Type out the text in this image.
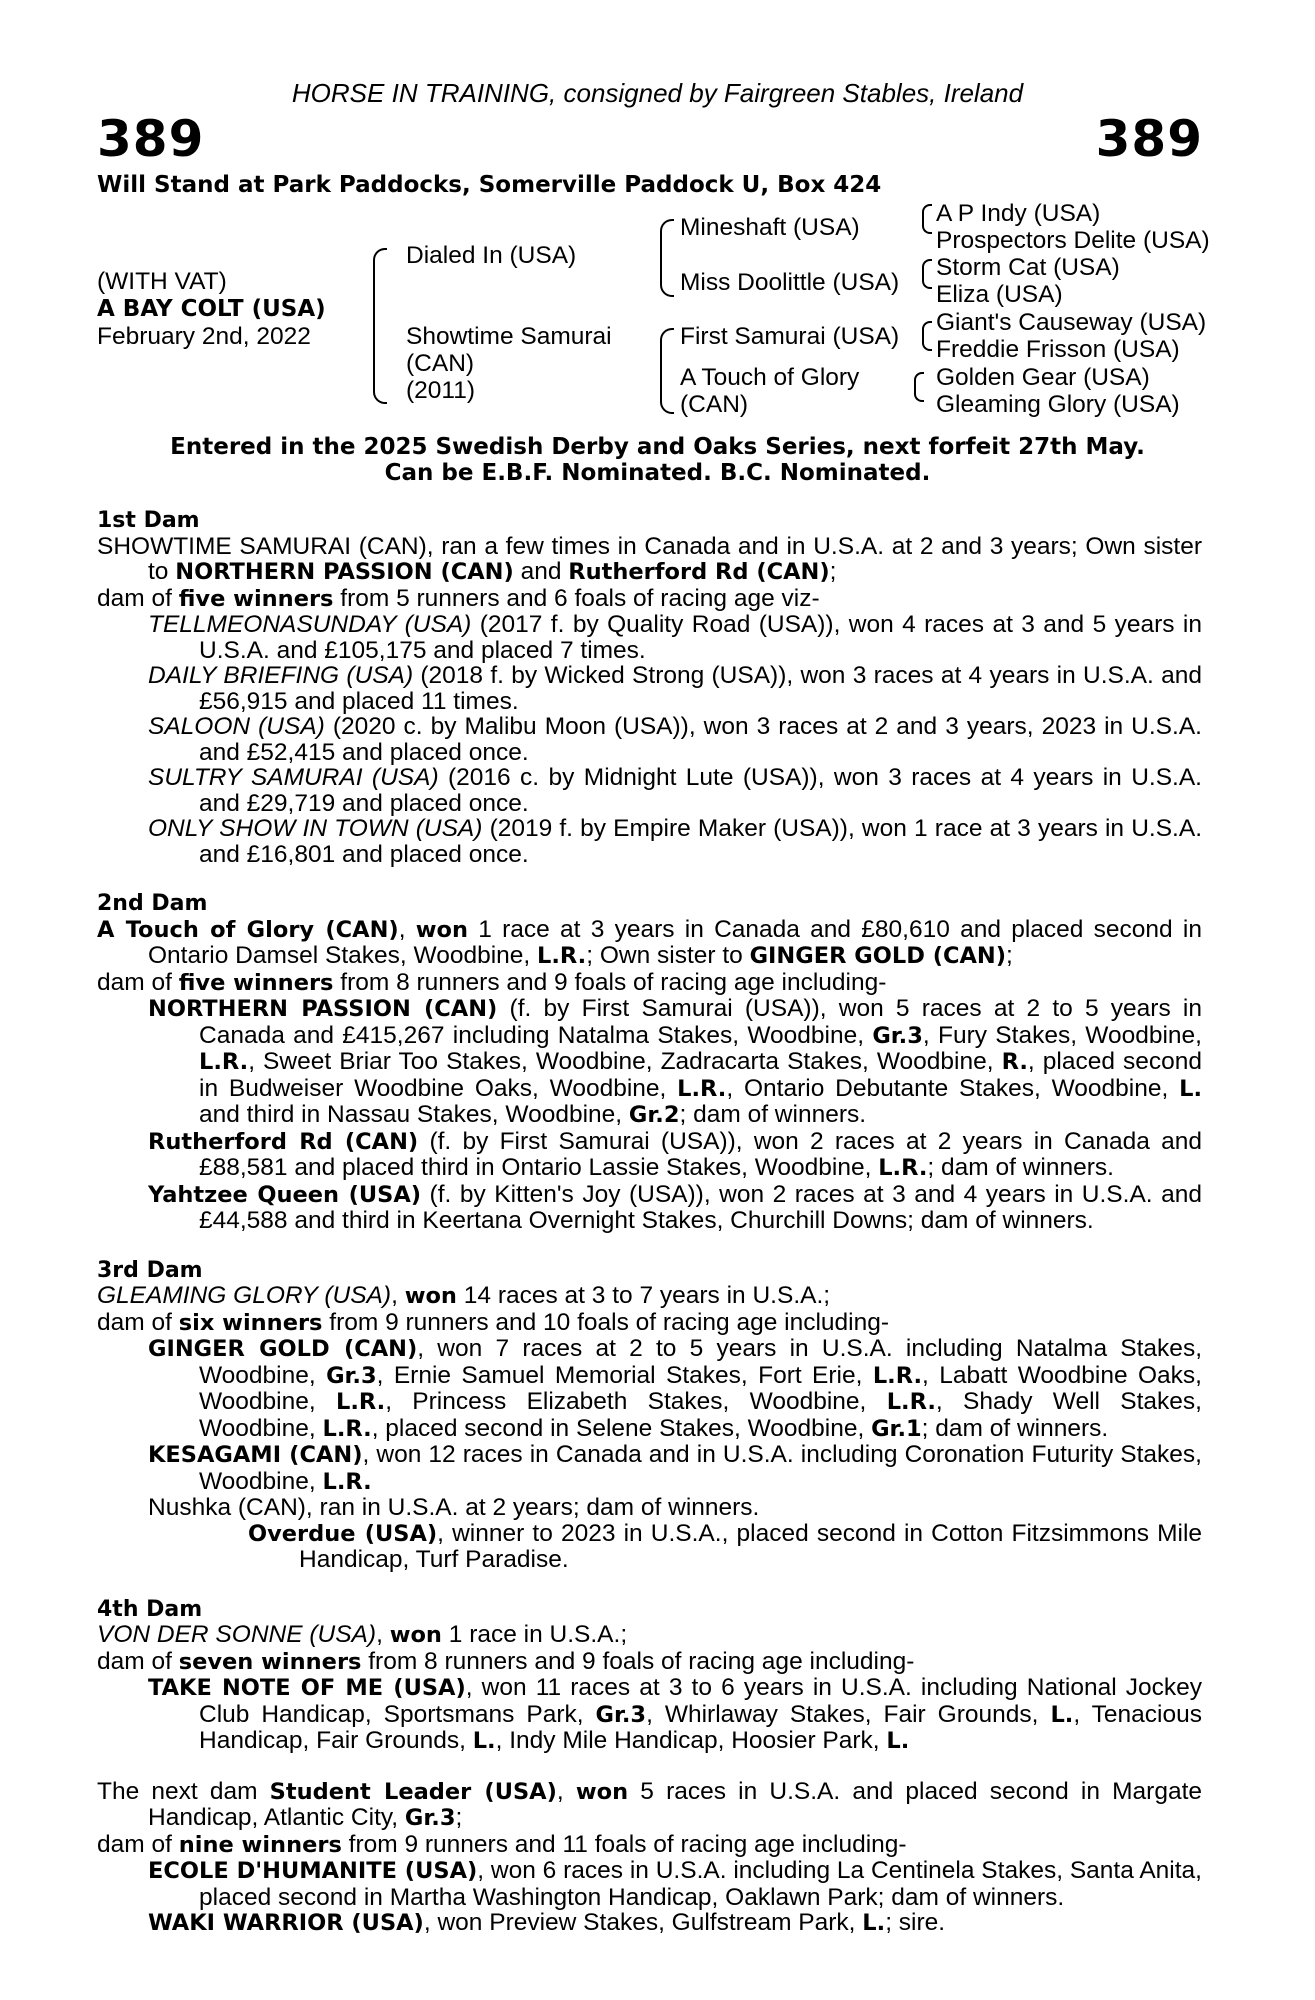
HORSE IN TRAINING, consigned by Fairgreen Stables, Ireland
389	389
Will Stand at Park Paddocks, Somerville Paddock U, Box 424
(WITH VAT)
A BAY COLT (USA)
February 2nd, 2022
Dialed In (USA)
Showtime Samurai
(CAN)
(2011)
Mineshaft (USA)
Miss Doolittle (USA)
First Samurai (USA)
A Touch of Glory
(CAN)
A P Indy (USA)
Prospectors Delite (USA)
Storm Cat (USA)
Eliza (USA)
Giant's Causeway (USA)
Freddie Frisson (USA)
Golden Gear (USA)
Gleaming Glory (USA)
Entered in the 2025 Swedish Derby and Oaks Series, next forfeit 27th May.
Can be E.B.F. Nominated. B.C. Nominated.

1st Dam

SHOWTIME SAMURAI (CAN), ran a few times in Canada and in U.S.A. at 2 and 3 years; Own sister to NORTHERN PASSION (CAN) and Rutherford Rd (CAN);

dam of five winners from 5 runners and 6 foals of racing age viz-

TELLMEONASUNDAY (USA) (2017 f. by Quality Road (USA)), won 4 races at 3 and 5 years in U.S.A. and £105,175 and placed 7 times.

DAILY BRIEFING (USA) (2018 f. by Wicked Strong (USA)), won 3 races at 4 years in U.S.A. and £56,915 and placed 11 times.

SALOON (USA) (2020 c. by Malibu Moon (USA)), won 3 races at 2 and 3 years, 2023 in U.S.A. and £52,415 and placed once.

SULTRY SAMURAI (USA) (2016 c. by Midnight Lute (USA)), won 3 races at 4 years in U.S.A. and £29,719 and placed once.

ONLY SHOW IN TOWN (USA) (2019 f. by Empire Maker (USA)), won 1 race at 3 years in U.S.A. and £16,801 and placed once.

2nd Dam

A Touch of Glory (CAN), won 1 race at 3 years in Canada and £80,610 and placed second in Ontario Damsel Stakes, Woodbine, L.R.; Own sister to GINGER GOLD (CAN);

dam of five winners from 8 runners and 9 foals of racing age including-

NORTHERN PASSION (CAN) (f. by First Samurai (USA)), won 5 races at 2 to 5 years in Canada and £415,267 including Natalma Stakes, Woodbine, Gr.3, Fury Stakes, Woodbine, L.R., Sweet Briar Too Stakes, Woodbine, Zadracarta Stakes, Woodbine, R., placed second in Budweiser Woodbine Oaks, Woodbine, L.R., Ontario Debutante Stakes, Woodbine, L. and third in Nassau Stakes, Woodbine, Gr.2; dam of winners.

Rutherford Rd (CAN) (f. by First Samurai (USA)), won 2 races at 2 years in Canada and £88,581 and placed third in Ontario Lassie Stakes, Woodbine, L.R.; dam of winners.

Yahtzee Queen (USA) (f. by Kitten's Joy (USA)), won 2 races at 3 and 4 years in U.S.A. and £44,588 and third in Keertana Overnight Stakes, Churchill Downs; dam of winners.

3rd Dam

GLEAMING GLORY (USA), won 14 races at 3 to 7 years in U.S.A.;

dam of six winners from 9 runners and 10 foals of racing age including-

GINGER GOLD (CAN), won 7 races at 2 to 5 years in U.S.A. including Natalma Stakes, Woodbine, Gr.3, Ernie Samuel Memorial Stakes, Fort Erie, L.R., Labatt Woodbine Oaks, Woodbine, L.R., Princess Elizabeth Stakes, Woodbine, L.R., Shady Well Stakes, Woodbine, L.R., placed second in Selene Stakes, Woodbine, Gr.1; dam of winners.

KESAGAMI (CAN), won 12 races in Canada and in U.S.A. including Coronation Futurity Stakes, Woodbine, L.R.

Nushka (CAN), ran in U.S.A. at 2 years; dam of winners.

Overdue (USA), winner to 2023 in U.S.A., placed second in Cotton Fitzsimmons Mile Handicap, Turf Paradise.

4th Dam

VON DER SONNE (USA), won 1 race in U.S.A.;

dam of seven winners from 8 runners and 9 foals of racing age including-

TAKE NOTE OF ME (USA), won 11 races at 3 to 6 years in U.S.A. including National Jockey Club Handicap, Sportsmans Park, Gr.3, Whirlaway Stakes, Fair Grounds, L., Tenacious Handicap, Fair Grounds, L., Indy Mile Handicap, Hoosier Park, L.

The next dam Student Leader (USA), won 5 races in U.S.A. and placed second in Margate Handicap, Atlantic City, Gr.3;

dam of nine winners from 9 runners and 11 foals of racing age including-

ECOLE D'HUMANITE (USA), won 6 races in U.S.A. including La Centinela Stakes, Santa Anita, placed second in Martha Washington Handicap, Oaklawn Park; dam of winners.

WAKI WARRIOR (USA), won Preview Stakes, Gulfstream Park, L.; sire.
